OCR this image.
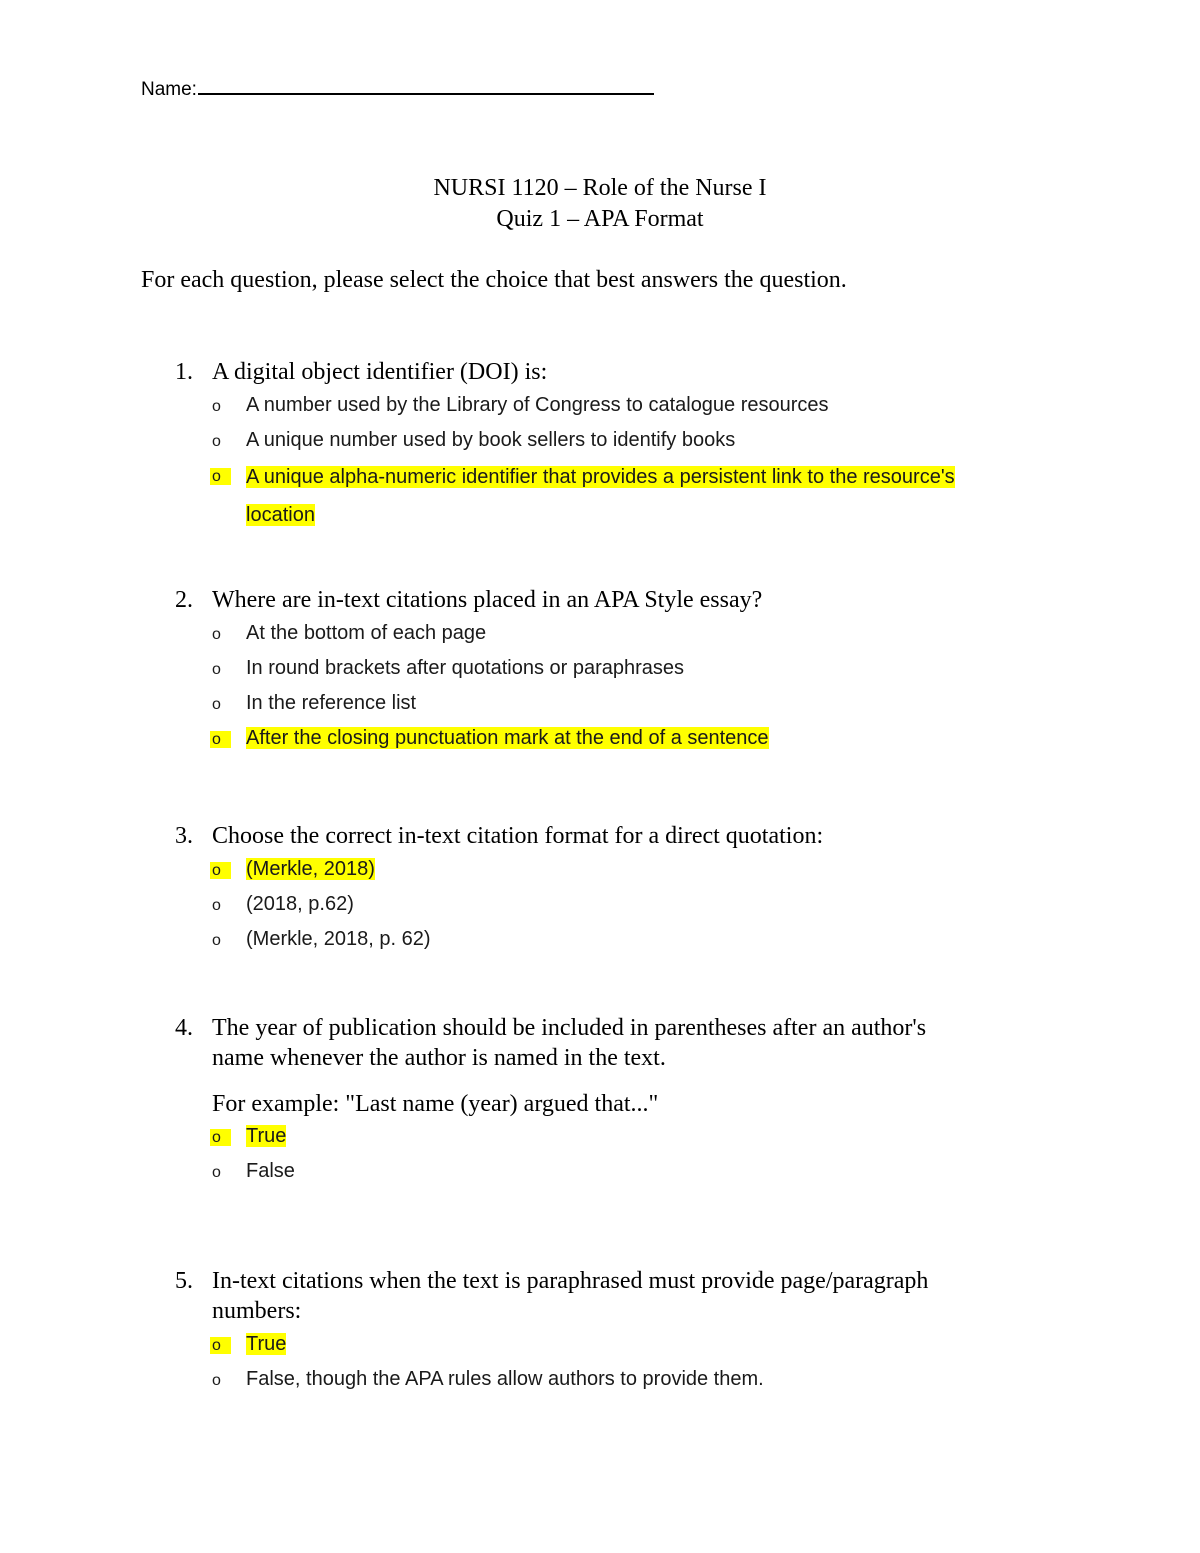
Name:
NURSI 1120 – Role of the Nurse I
Quiz 1 – APA Format
For each question, please select the choice that best answers the question.
1. A digital object identifier (DOI) is:
o A number used by the Library of Congress to catalogue resources
o A unique number used by book sellers to identify books
o	A unique alpha-numeric identifier that provides a persistent link to the resource's
location
2. Where are in-text citations placed in an APA Style essay?
o At the bottom of each page
o In round brackets after quotations or paraphrases
o In the reference list
o	After the closing punctuation mark at the end of a sentence
3. Choose the correct in-text citation format for a direct quotation:
o	(Merkle, 2018)
o (2018, p.62)
o (Merkle, 2018, p. 62)
4. The year of publication should be included in parentheses after an author's
name whenever the author is named in the text.
For example: "Last name (year) argued that..."
o	True
o False
5. In-text citations when the text is paraphrased must provide page/paragraph
numbers:
o	True
o False, though the APA rules allow authors to provide them.
